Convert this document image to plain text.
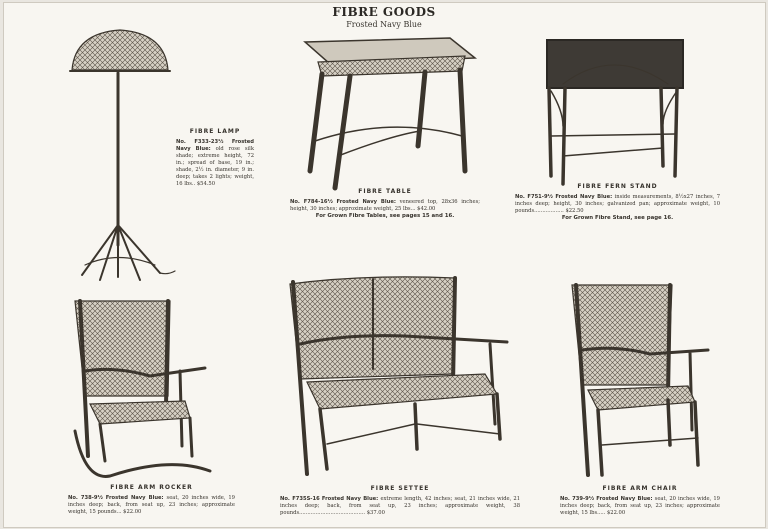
FIBRE GOODS
Frosted Navy Blue
FIBRE LAMP
No. F333-23½ Frosted Navy Blue: old rose silk shade; extreme height, 72 in.; spread of base, 19 in.; shade, 2½ in. diameter, 9 in. deep; takes 2 lights; weight, 16 lbs.. $54.50
FIBRE TABLE
No. F784-16½ Frosted Navy Blue: veneered top, 28x36 inches; height, 30 inches; approximate weight, 25 lbs... $42.00
For Grown Fibre Tables, see pages 15 and 16.
FIBRE FERN STAND
No. F751-9½ Frosted Navy Blue: inside measurements, 8½x27 inches, 7 inches deep; height, 30 inches; galvanized pan; approximate weight, 10 pounds.................. $22.50
For Grown Fibre Stand, see page 16.
FIBRE ARM ROCKER
No. 738-9½ Frosted Navy Blue: seat, 20 inches wide, 19 inches deep; back, from seat up, 23 inches; approximate weight, 15 pounds... $22.00
FIBRE SETTEE
No. F735S-16 Frosted Navy Blue: extreme length, 42 inches; seat, 21 inches wide, 21 inches deep; back, from seat up, 23 inches; approximate weight, 38 pounds........................................ $37.00
FIBRE ARM CHAIR
No. 739-9½ Frosted Navy Blue: seat, 20 inches wide, 19 inches deep; back, from seat up, 23 inches; approximate weight, 15 lbs..... $22.00
